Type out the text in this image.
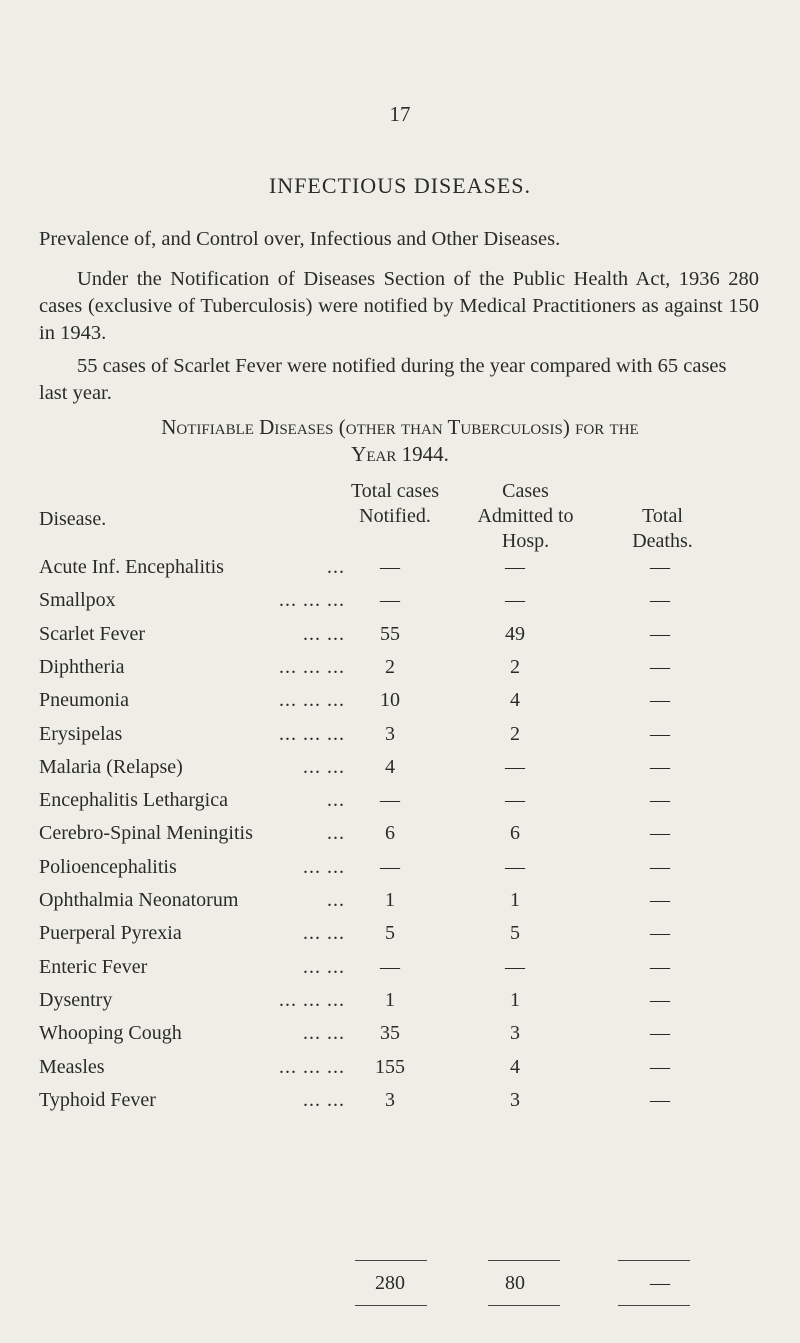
17
INFECTIOUS DISEASES.
Prevalence of, and Control over, Infectious and Other Diseases.
Under the Notification of Diseases Section of the Public Health Act, 1936 280 cases (exclusive of Tuberculosis) were notified by Medical Practitioners as against 150 in 1943.
55 cases of Scarlet Fever were notified during the year compared with 65 cases last year.
Notifiable Diseases (other than Tuberculosis) for the
Year 1944.
Disease.
Total cases Notified.
Cases Admitted to Hosp.
Total Deaths.
Acute Inf. Encephalitis	—	—	—
...
Smallpox	—	—	—
... ... ...
Scarlet Fever	55	49	—
... ...
Diphtheria	2	2	—
... ... ...
Pneumonia	10	4	—
... ... ...
Erysipelas	3	2	—
... ... ...
Malaria (Relapse)	4	—	—
... ...
Encephalitis Lethargica	—	—	—
...
Cerebro-Spinal Meningitis	6	6	—
...
Polioencephalitis	—	—	—
... ...
Ophthalmia Neonatorum	1	1	—
...
Puerperal Pyrexia	5	5	—
... ...
Enteric Fever	—	—	—
... ...
Dysentry	1	1	—
... ... ...
Whooping Cough	35	3	—
... ...
Measles	155	4	—
... ... ...
Typhoid Fever	3	3	—
... ...
280	80	—
